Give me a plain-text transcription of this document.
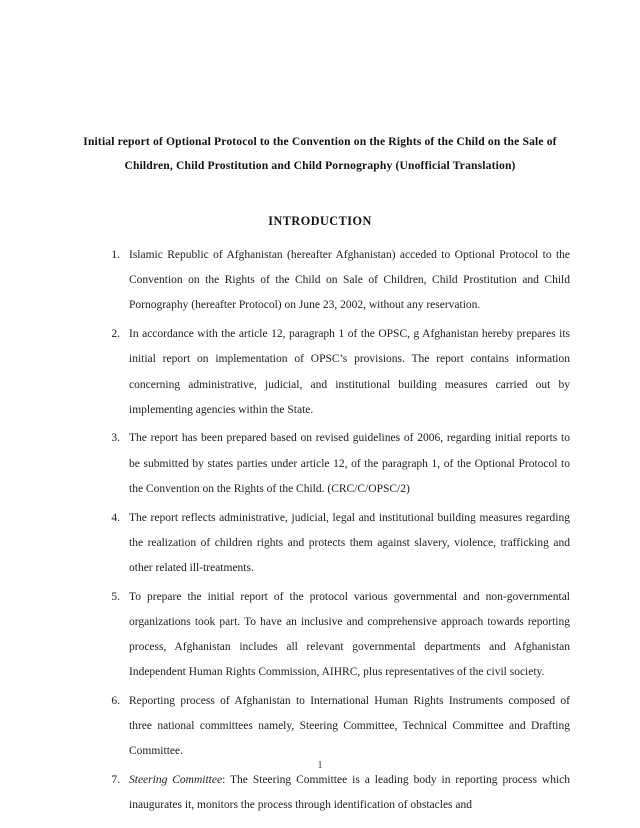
Initial report of Optional Protocol to the Convention on the Rights of the Child on the Sale of Children, Child Prostitution and Child Pornography (Unofficial Translation)
INTRODUCTION
1. Islamic Republic of Afghanistan (hereafter Afghanistan) acceded to Optional Protocol to the Convention on the Rights of the Child on Sale of Children, Child Prostitution and Child Pornography (hereafter Protocol) on June 23, 2002, without any reservation.
2. In accordance with the article 12, paragraph 1 of the OPSC, g Afghanistan hereby prepares its initial report on implementation of OPSC’s provisions. The report contains information concerning administrative, judicial, and institutional building measures carried out by implementing agencies within the State.
3. The report has been prepared based on revised guidelines of 2006, regarding initial reports to be submitted by states parties under article 12, of the paragraph 1, of the Optional Protocol to the Convention on the Rights of the Child. (CRC/C/OPSC/2)
4. The report reflects administrative, judicial, legal and institutional building measures regarding the realization of children rights and protects them against slavery, violence, trafficking and other related ill-treatments.
5. To prepare the initial report of the protocol various governmental and non-governmental organizations took part. To have an inclusive and comprehensive approach towards reporting process, Afghanistan includes all relevant governmental departments and Afghanistan Independent Human Rights Commission, AIHRC, plus representatives of the civil society.
6. Reporting process of Afghanistan to International Human Rights Instruments composed of three national committees namely, Steering Committee, Technical Committee and Drafting Committee.
7. Steering Committee: The Steering Committee is a leading body in reporting process which inaugurates it, monitors the process through identification of obstacles and
1
